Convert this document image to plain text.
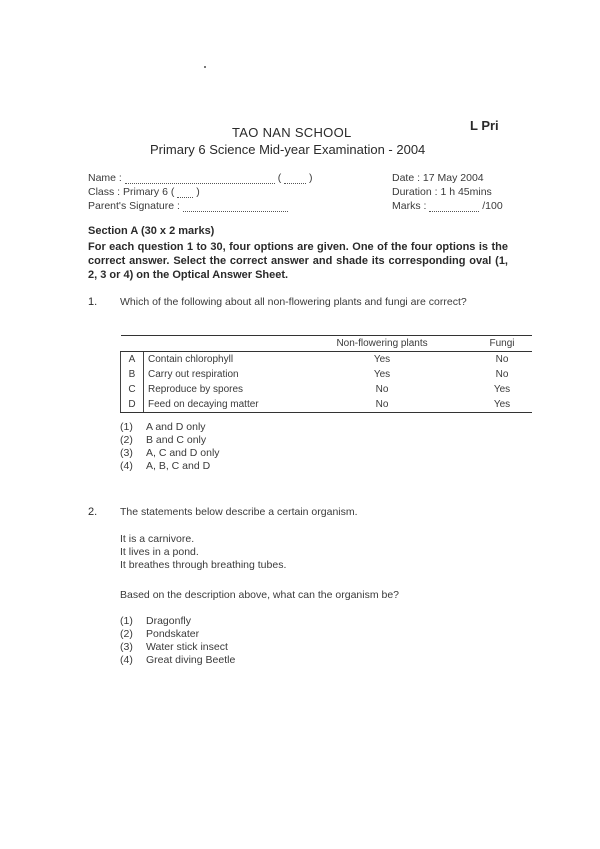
TAO NAN SCHOOL
Primary 6 Science Mid-year Examination - 2004
L Pri
Name :	(	)
Class : Primary 6 ( )
Parent's Signature :
Date : 17 May 2004
Duration : 1 h 45mins
Marks :	/100
Section A (30 x 2 marks)
For each question 1 to 30, four options are given. One of the four options is the correct answer. Select the correct answer and shade its corresponding oval (1, 2, 3 or 4) on the Optical Answer Sheet.
1. Which of the following about all non-flowering plants and fungi are correct?
		Non-flowering plants	Fungi
A	Contain chlorophyll	Yes	No
B	Carry out respiration	Yes	No
C	Reproduce by spores	No	Yes
D	Feed on decaying matter	No	Yes
(1) A and D only
(2) B and C only
(3) A, C and D only
(4) A, B, C and D
2. The statements below describe a certain organism.
It is a carnivore.
It lives in a pond.
It breathes through breathing tubes.
Based on the description above, what can the organism be?
(1) Dragonfly
(2) Pondskater
(3) Water stick insect
(4) Great diving Beetle
